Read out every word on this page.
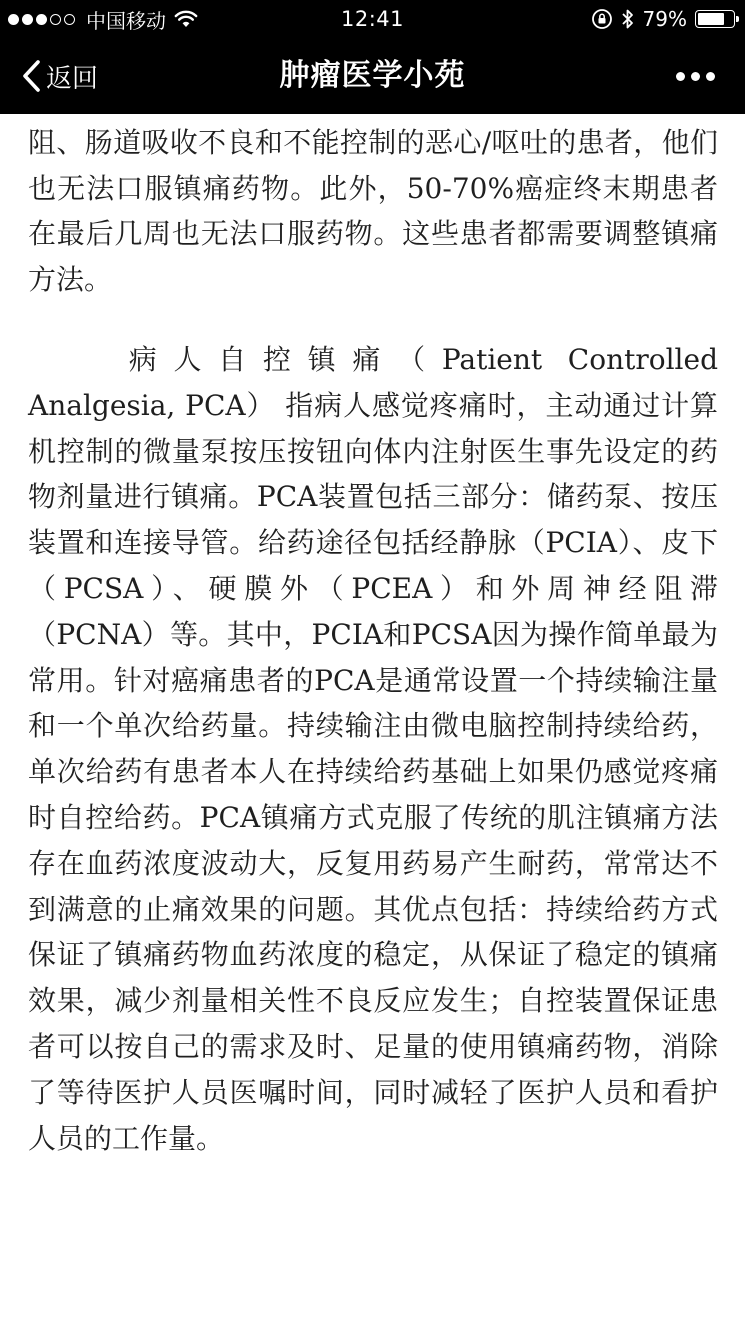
中国移动	12:41	79%
返回	肿瘤医学小苑

阻、肠道吸收不良和不能控制的恶心/呕吐的患者，他们也无法口服镇痛药物。此外，50-70%癌症终末期患者在最后几周也无法口服药物。这些患者都需要调整镇痛方法。

病人自控镇痛（Patient Controlled Analgesia, PCA） 指病人感觉疼痛时，主动通过计算机控制的微量泵按压按钮向体内注射医生事先设定的药物剂量进行镇痛。PCA装置包括三部分：储药泵、按压装置和连接导管。给药途径包括经静脉（PCIA）、皮下（PCSA）、硬膜外（PCEA）和外周神经阻滞（PCNA）等。其中，PCIA和PCSA因为操作简单最为常用。针对癌痛患者的PCA是通常设置一个持续输注量和一个单次给药量。持续输注由微电脑控制持续给药，单次给药有患者本人在持续给药基础上如果仍感觉疼痛时自控给药。PCA镇痛方式克服了传统的肌注镇痛方法存在血药浓度波动大，反复用药易产生耐药，常常达不到满意的止痛效果的问题。其优点包括：持续给药方式保证了镇痛药物血药浓度的稳定，从保证了稳定的镇痛效果，减少剂量相关性不良反应发生；自控装置保证患者可以按自己的需求及时、足量的使用镇痛药物，消除了等待医护人员医嘱时间，同时减轻了医护人员和看护人员的工作量。
